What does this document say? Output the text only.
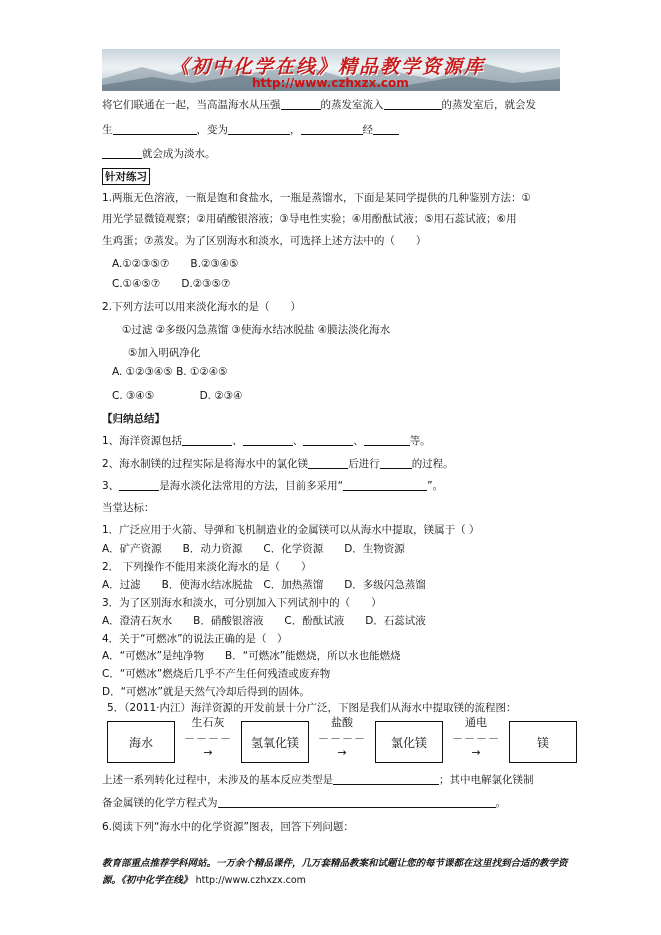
《初中化学在线》精品教学资源库
http://www.czhxzx.com
将它们联通在一起，当高温海水从压强	的蒸发室流入	的蒸发室后，就会发
生	，变为	，	经
就会成为淡水。
针对练习
1.两瓶无色溶液，一瓶是饱和食盐水，一瓶是蒸馏水，下面是某同学提供的几种鉴别方法：①
用光学显微镜观察；②用硝酸银溶液；③导电性实验；④用酚酞试液；⑤用石蕊试液；⑥用
生鸡蛋；⑦蒸发。为了区别海水和淡水，可选择上述方法中的（　　）
A.①②③⑤⑦　　B.②③④⑤
C.①④⑤⑦　　D.②③⑤⑦
2.下列方法可以用来淡化海水的是（　　）
①过滤 ②多级闪急蒸馏 ③使海水结冰脱盐 ④膜法淡化海水
⑤加入明矾净化
A. ①②③④⑤ B. ①②④⑤
C. ③④⑤　　　　 D. ②③④
【归纳总结】
1、海洋资源包括	、	、	、	等。
2、海水制镁的过程实际是将海水中的氯化镁	后进行	的过程。
3、	是海水淡化法常用的方法，目前多采用“	”。
当堂达标：
1．广泛应用于火箭、导弹和飞机制造业的金属镁可以从海水中提取，镁属于（ ）
A．矿产资源　　B．动力资源　　C．化学资源　　D．生物资源
2． 下列操作不能用来淡化海水的是（　　）
A．过滤　　B．使海水结冰脱盐　C．加热蒸馏　　D．多级闪急蒸馏
3．为了区别海水和淡水，可分别加入下列试剂中的（　　）
A．澄清石灰水　　B．硝酸银溶液　　C．酚酞试液　　D．石蕊试液
4．关于“可燃冰”的说法正确的是（　）
A．“可燃冰”是纯净物　　B．“可燃冰”能燃烧，所以水也能燃烧
C．“可燃冰”燃烧后几乎不产生任何残渣或废弃物
D．“可燃冰”就是天然气冷却后得到的固体。
5．（2011·内江）海洋资源的开发前景十分广泛，下图是我们从海水中提取镁的流程图：
海水
生石灰
－－－－
→
氢氧化镁
盐酸
－－－－
→
氯化镁
通电
－－－－
→
镁
上述一系列转化过程中，未涉及的基本反应类型是	；其中电解氯化镁制
备金属镁的化学方程式为	。
6.阅读下列“海水中的化学资源”图表，回答下列问题：
教育部重点推荐学科网站。一万余个精品课件，几万套精品教案和试题让您的每节课都在这里找到合适的教学资源。《初中化学在线》 http://www.czhxzx.com
